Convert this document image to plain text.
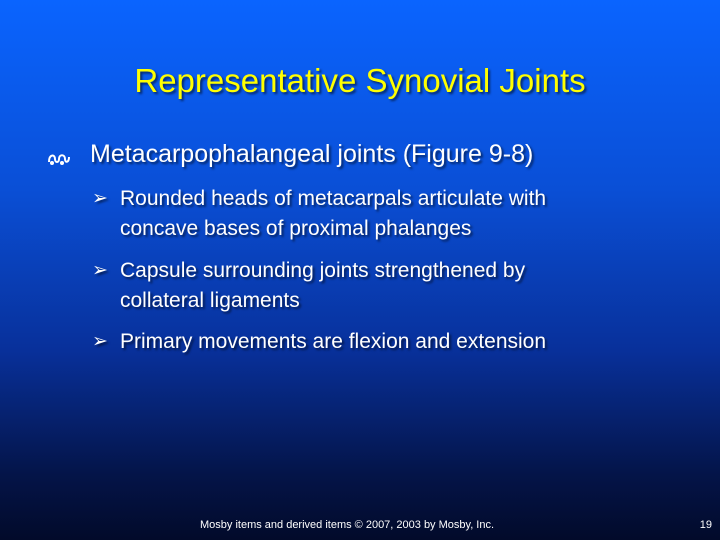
Representative Synovial Joints
Metacarpophalangeal joints (Figure 9-8)
➢ Rounded heads of metacarpals articulate with
concave bases of proximal phalanges
➢ Capsule surrounding joints strengthened by
collateral ligaments
➢ Primary movements are flexion and extension
Mosby items and derived items © 2007, 2003 by Mosby, Inc.	19
